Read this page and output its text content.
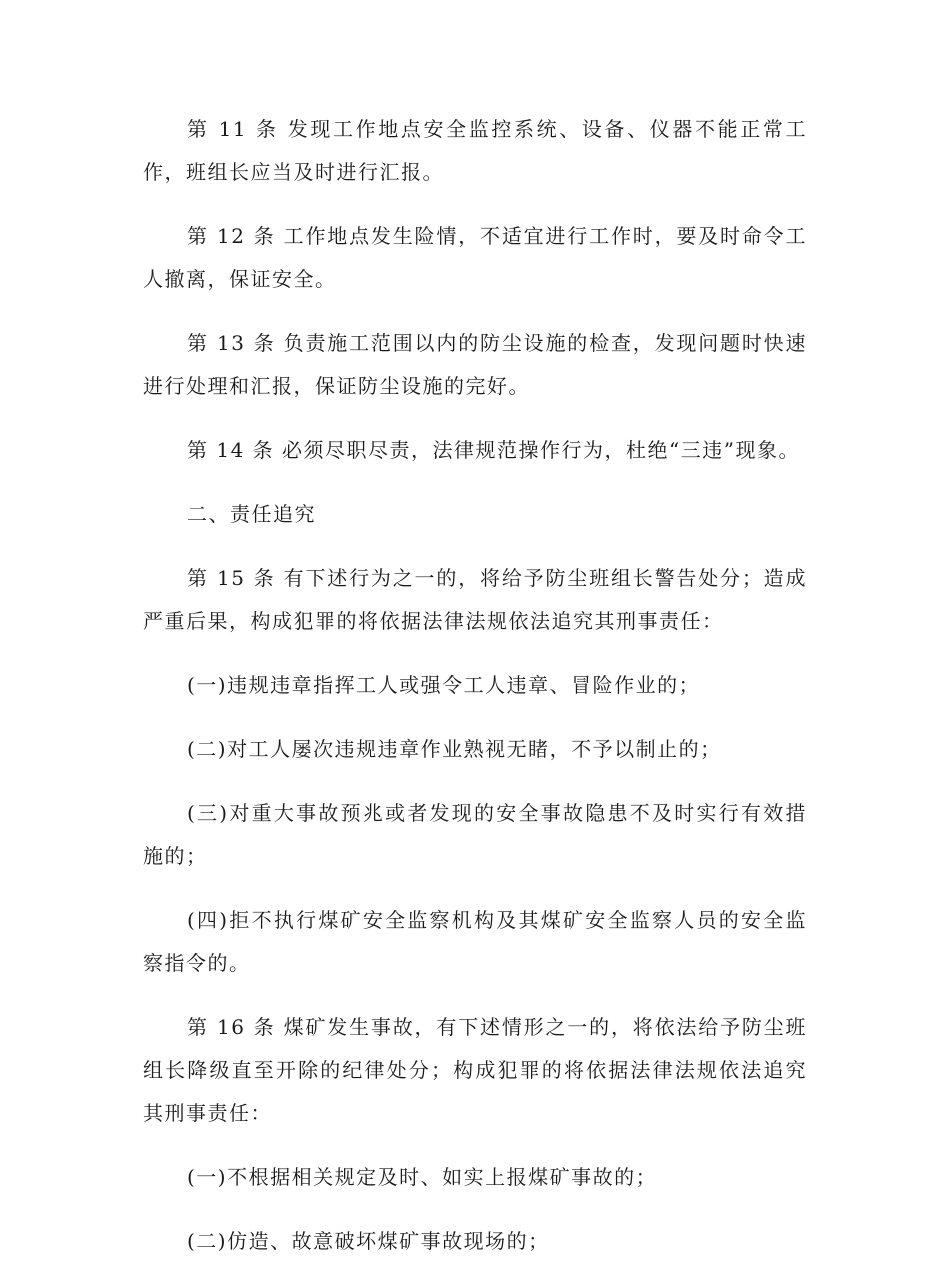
第 11 条 发现工作地点安全监控系统、设备、仪器不能正常工作，班组长应当及时进行汇报。

第 12 条 工作地点发生险情，不适宜进行工作时，要及时命令工人撤离，保证安全。

第 13 条 负责施工范围以内的防尘设施的检查，发现问题时快速进行处理和汇报，保证防尘设施的完好。

第 14 条 必须尽职尽责，法律规范操作行为，杜绝“三违”现象。

二、责任追究

第 15 条 有下述行为之一的，将给予防尘班组长警告处分；造成严重后果，构成犯罪的将依据法律法规依法追究其刑事责任：

(一)违规违章指挥工人或强令工人违章、冒险作业的；

(二)对工人屡次违规违章作业熟视无睹，不予以制止的；

(三)对重大事故预兆或者发现的安全事故隐患不及时实行有效措施的；

(四)拒不执行煤矿安全监察机构及其煤矿安全监察人员的安全监察指令的。

第 16 条 煤矿发生事故，有下述情形之一的，将依法给予防尘班组长降级直至开除的纪律处分；构成犯罪的将依据法律法规依法追究其刑事责任：

(一)不根据相关规定及时、如实上报煤矿事故的；

(二)仿造、故意破坏煤矿事故现场的；
